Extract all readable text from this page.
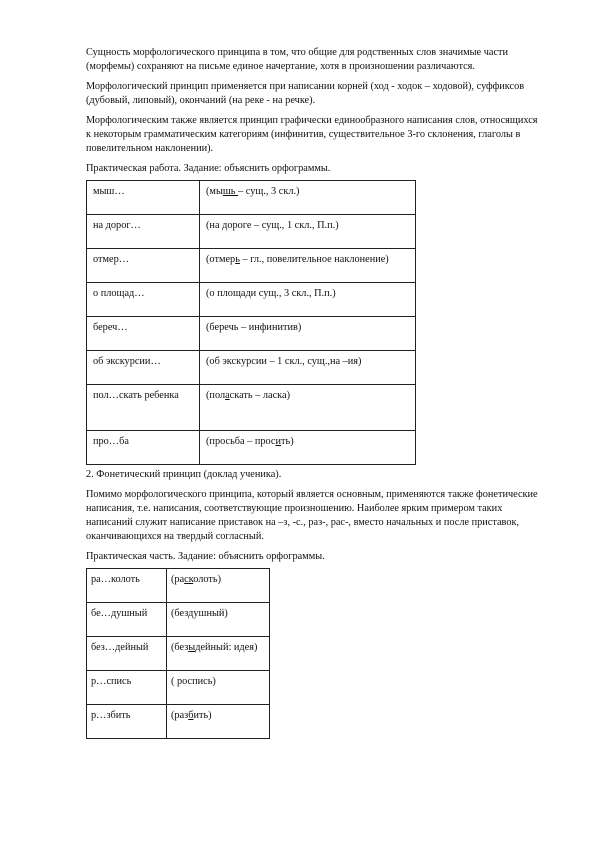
Сущность морфологического принципа в том, что общие для родственных слов значимые части (морфемы) сохраняют на письме единое начертание, хотя в произношении различаются.

Морфологический принцип применяется при написании корней (ход - ходок – ходовой), суффиксов (дубовый, липовый), окончаний (на реке - на речке).

Морфологическим также является принцип графически единообразного написания слов, относящихся к некоторым грамматическим категориям (инфинитив, существительное 3-го склонения, глаголы в повелительном наклонении).

Практическая работа. Задание: объяснить орфограммы.

мыш…	(мышь – сущ., 3 скл.)
на дорог…	(на дороге – сущ., 1 скл., П.п.)
отмер…	(отмерь – гл., повелительное наклонение)
о площад…	(о площади сущ., 3 скл., П.п.)
береч…	(беречь – инфинитив)
об экскурсии…	(об экскурсии – 1 скл., сущ.,на –ия)
пол…скать ребенка	(поласкать – ласка)
про…ба	(просьба – просить)

2. Фонетический принцип (доклад ученика).

Помимо морфологического принципа, который является основным, применяются также фонетические написания, т.е. написания, соответствующие произношению. Наиболее ярким примером таких написаний служит написание приставок на –з, -с., раз-, рас-, вместо начальных и после приставок, оканчивающихся на твердый согласный.

Практическая часть. Задание: объяснить орфограммы.

ра…колоть	(расколоть)
бе…душный	(бездушный)
без…дейный	(безыдейный: идея)
р…спись	( роспись)
р…збить	(разбить)
